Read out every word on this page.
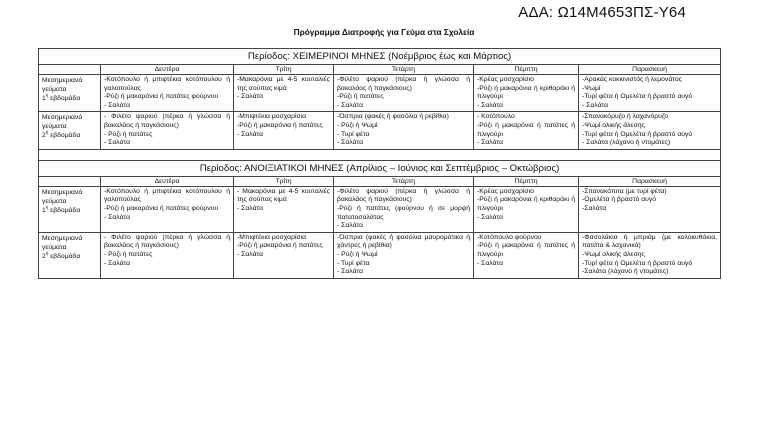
ΑΔΑ: Ω14Μ4653ΠΣ-Υ64
Πρόγραμμα Διατροφής για Γεύμα στα Σχολεία
Περίοδος: ΧΕΙΜΕΡΙΝΟΙ ΜΗΝΕΣ (Νοέμβριος έως και Μάρτιος)					
	Δευτέρα	Τρίτη	Τετάρτη	Πέμπτη	Παρασκευή

Μεσημεριανά
γεύματα
$1^\eta$ εβδομάδα	-Κοτόπουλο ή μπιφτέκια κοτόπουλου ή γαλοπούλας
-Ρύζι ή μακαρόνια ή πατάτες φούρνου
- Σαλάτα	-Μακαρόνια με 4-5 κουταλιές της σούπας κιμά
- Σαλάτα	-Φιλέτο ψαριού (πέρκα ή γλώσσα ή βακαλάος ή παγκάσιους)
-Ρύζι ή πατάτες
- Σαλάτα	-Κρέας μοσχαρίσιο
-Ρύζι ή μακαρόνια ή κριθαράκι ή πλιγούρι
- Σαλάτα	-Αρακάς κοκκινιστός ή λεμονάτος
-Ψωμί
-Τυρί φέτα ή Ομελέτα ή βραστό αυγό
- Σαλάτα

Μεσημεριανά
γεύματα
$2^\eta$ εβδομάδα	- Φιλέτο ψαριού (πέρκα ή γλώσσα ή βακαλάος ή παγκάσιους)
- Ρύζι ή πατάτες
- Σαλάτα	-Μπιφτέκια μοσχαρίσια
-Ρύζι ή μακαρόνια ή πατάτες
- Σαλάτα	-Όσπρια (φακές ή φασόλια ή ρεβίθια)
- Ρύζι ή Ψωμί
- Τυρί φέτα
- Σαλάτα	- Κοτόπουλο
-Ρύζι ή μακαρόνια ή πατάτες ή πλιγούρι
- Σαλάτα	-Σπανακόρυζο ή λαχανόρυζο
-Ψωμί ολικής άλεσης
-Τυρί φέτα ή Ομελέτα ή βραστό αυγό
- Σαλάτα (λάχανο ή ντομάτες)

Περίοδος: ΑΝΟΙΞΙΑΤΙΚΟΙ ΜΗΝΕΣ (Απρίλιος – Ιούνιος και Σεπτέμβριος – Οκτώβριος)					
	Δευτέρα	Τρίτη	Τετάρτη	Πέμπτη	Παρασκευή

Μεσημεριανά
γεύματα
$1^\eta$ εβδομάδα	-Κοτόπουλο ή μπιφτέκια κοτόπουλου ή γαλοπούλας
-Ρύζι ή μακαρόνια ή πατάτες φούρνου
- Σαλάτα	- Μακαρόνια με 4-5 κουταλιές της σούπας κιμά
- Σαλάτα	-Φιλέτο ψαριού (πέρκα ή γλώσσα ή βακαλάος ή παγκάσιους)
-Ρύζι ή πατάτες (φούρνου ή σε μορφή πατατοσαλάτας
- Σαλάτα	-Κρέας μοσχαρίσιο
-Ρύζι ή μακαρόνια ή κριθαράκι ή πλιγούρι
- Σαλάτα	-Σπανακόπιτα (με τυρί φέτα)
-Ομελέτα ή βραστό αυγό
-Σαλάτα

Μεσημεριανά
γεύματα
$2^\eta$ εβδομάδα	- Φιλέτο ψαριού (πέρκα ή γλώσσα ή βακαλάος ή παγκάσιους)
- Ρύζι ή πατάτες
- Σαλάτα	-Μπιφτέκια μοσχαρίσια
-Ρύζι ή μακαρόνια ή πατάτες
- Σαλάτα	-Όσπρια (φακές ή φασόλια μαυρομάτικα ή χάντρες ή ρεβίθια)
- Ρύζι ή Ψωμί
- Τυρί φέτα
- Σαλάτα	-Κοτόπουλο φούρνου
-Ρύζι ή μακαρόνια ή πατάτες ή πλιγούρι
- Σαλάτα	-Φασολάκια ή μπριάμ (με κολοκυθάκια, πατάτα & λαχανικά)
-Ψωμί ολικής άλεσης
-Τυρί φέτα ή Ομελέτα ή βραστό αυγό
-Σαλάτα (λάχανο ή ντομάτες)
